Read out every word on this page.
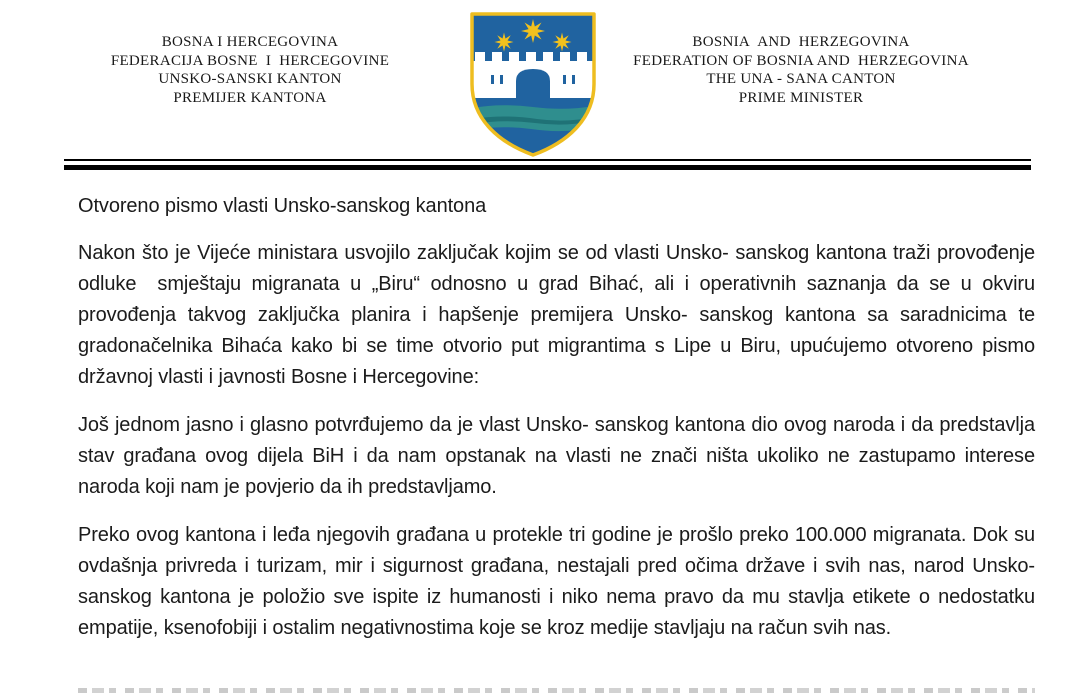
BOSNA I HERCEGOVINA
FEDERACIJA BOSNE  I  HERCEGOVINE
UNSKO-SANSKI KANTON
PREMIJER KANTONA
BOSNIA  AND  HERZEGOVINA
FEDERATION OF BOSNIA AND  HERZEGOVINA
THE UNA - SANA CANTON
PRIME MINISTER
Otvoreno pismo vlasti Unsko-sanskog kantona

Nakon što je Vijeće ministara usvojilo zaključak kojim se od vlasti Unsko- sanskog kantona traži provođenje odluke  smještaju migranata u „Biru“ odnosno u grad Bihać, ali i operativnih saznanja da se u okviru provođenja takvog zaključka planira i hapšenje premijera Unsko- sanskog kantona sa saradnicima te gradonačelnika Bihaća kako bi se time otvorio put migrantima s Lipe u Biru, upućujemo otvoreno pismo državnoj vlasti i javnosti Bosne i Hercegovine:

Još jednom jasno i glasno potvrđujemo da je vlast Unsko- sanskog kantona dio ovog naroda i da predstavlja stav građana ovog dijela BiH i da nam opstanak na vlasti ne znači ništa ukoliko ne zastupamo interese naroda koji nam je povjerio da ih predstavljamo.

Preko ovog kantona i leđa njegovih građana u protekle tri godine je prošlo preko 100.000 migranata. Dok su ovdašnja privreda i turizam, mir i sigurnost građana, nestajali pred očima države i svih nas, narod Unsko- sanskog kantona je položio sve ispite iz humanosti i niko nema pravo da mu stavlja etikete o nedostatku empatije, ksenofobiji i ostalim negativnostima koje se kroz medije stavljaju na račun svih nas.
